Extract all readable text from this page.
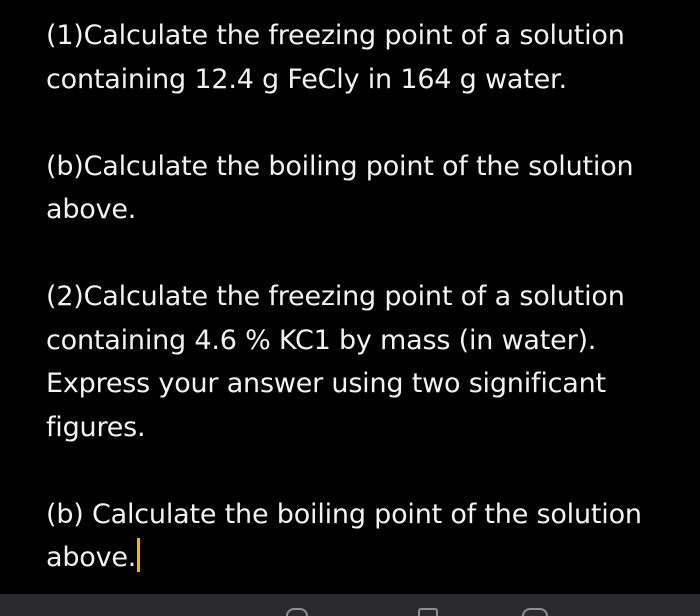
(1)Calculate the freezing point of a solution
containing 12.4 g FeCly in 164 g water.

(b)Calculate the boiling point of the solution
above.

(2)Calculate the freezing point of a solution
containing 4.6 % KC1 by mass (in water).
Express your answer using two significant
figures.

(b) Calculate the boiling point of the solution
above.
